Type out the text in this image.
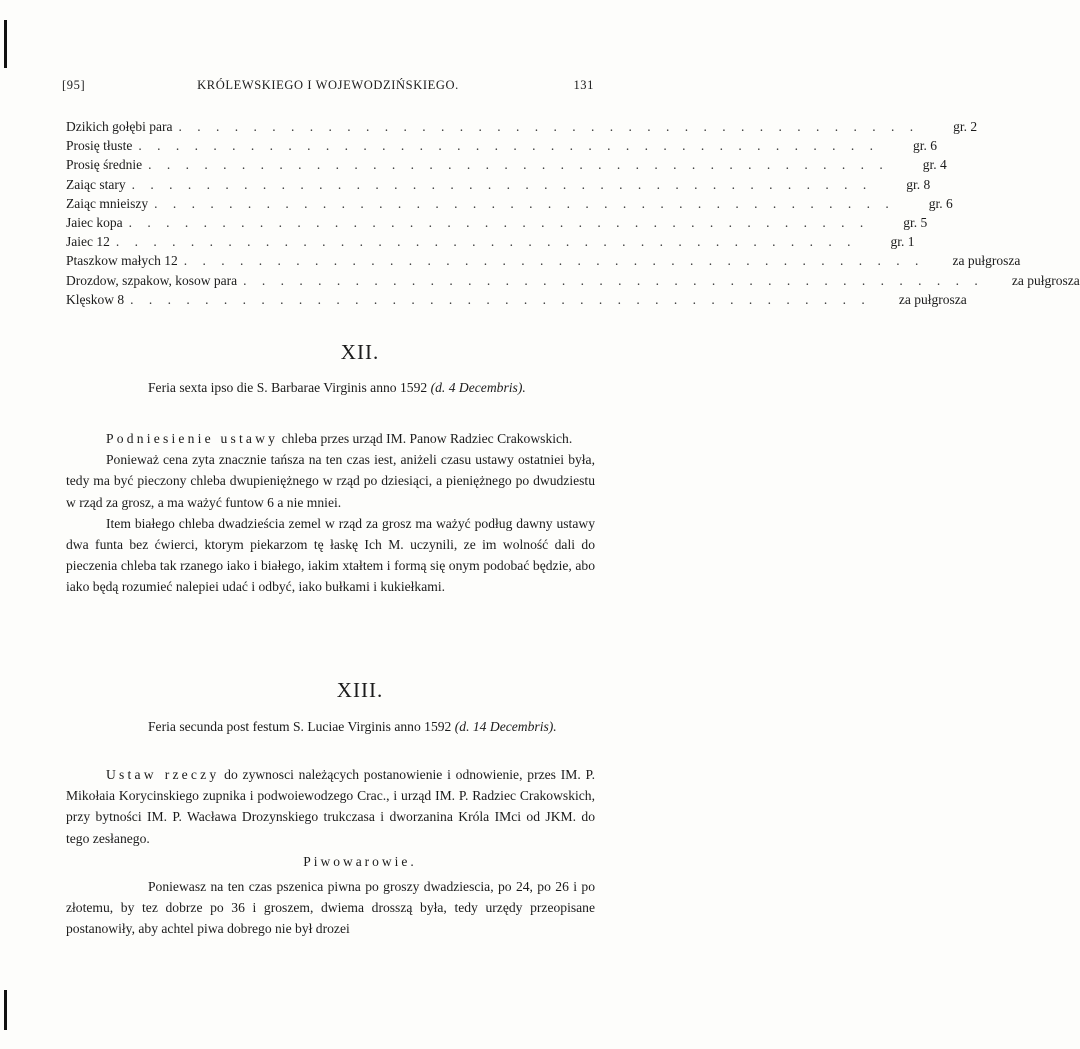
[95]	KRÓLEWSKIEGO I WOJEWODZIŃSKIEGO.	131
Dzikich gołębi para . . . . . . . . . . . . . . . . . . . . . . . . . . . . . . . . . . . . . . . .	gr. 2
Prosię tłuste . . . . . . . . . . . . . . . . . . . . . . . . . . . . . . . . . . . . . . . .	gr. 6
Prosię średnie . . . . . . . . . . . . . . . . . . . . . . . . . . . . . . . . . . . . . . . .	gr. 4
Zaiąc stary . . . . . . . . . . . . . . . . . . . . . . . . . . . . . . . . . . . . . . . .	gr. 8
Zaiąc mnieiszy . . . . . . . . . . . . . . . . . . . . . . . . . . . . . . . . . . . . . . . .	gr. 6
Jaiec kopa . . . . . . . . . . . . . . . . . . . . . . . . . . . . . . . . . . . . . . . .	gr. 5
Jaiec 12 . . . . . . . . . . . . . . . . . . . . . . . . . . . . . . . . . . . . . . . .	gr. 1
Ptaszkow małych 12 . . . . . . . . . . . . . . . . . . . . . . . . . . . . . . . . . . . . . . . .	za pułgrosza
Drozdow, szpakow, kosow para . . . . . . . . . . . . . . . . . . . . . . . . . . . . . . . . . . . . . . . .	za pułgrosza
Klęskow 8 . . . . . . . . . . . . . . . . . . . . . . . . . . . . . . . . . . . . . . . .	za pułgrosza
XII.
Feria sexta ipso die S. Barbarae Virginis anno 1592 (d. 4 Decembris).
Podniesienie ustawy chleba przes urząd IM. Panow Radziec Crakowskich.
Ponieważ cena zyta znacznie tańsza na ten czas iest, aniżeli czasu ustawy ostatniei była, tedy ma być pieczony chleba dwupieniężnego w rząd po dziesiąci, a pieniężnego po dwudziestu w rząd za grosz, a ma ważyć funtow 6 a nie mniei.
Item białego chleba dwadzieścia zemel w rząd za grosz ma ważyć podług dawny ustawy dwa funta bez ćwierci, ktorym piekarzom tę łaskę Ich M. uczynili, ze im wolność dali do pieczenia chleba tak rzanego iako i białego, iakim xtałtem i formą się onym podobać będzie, abo iako będą rozumieć nalepiei udać i odbyć, iako bułkami i kukiełkami.
XIII.
Feria secunda post festum S. Luciae Virginis anno 1592 (d. 14 Decembris).
Ustaw rzeczy do zywnosci należących postanowienie i odnowienie, przes IM. P. Mikołaia Korycinskiego zupnika i podwoiewodzego Crac., i urząd IM. P. Radziec Crakowskich, przy bytności IM. P. Wacława Drozynskiego trukczasa i dworzanina Króla IMci od JKM. do tego zesłanego.
Piwowarowie.
Poniewasz na ten czas pszenica piwna po groszy dwadziescia, po 24, po 26 i po złotemu, by tez dobrze po 36 i groszem, dwiema drosszą była, tedy urzędy przeopisane postanowiły, aby achtel piwa dobrego nie był drozei
